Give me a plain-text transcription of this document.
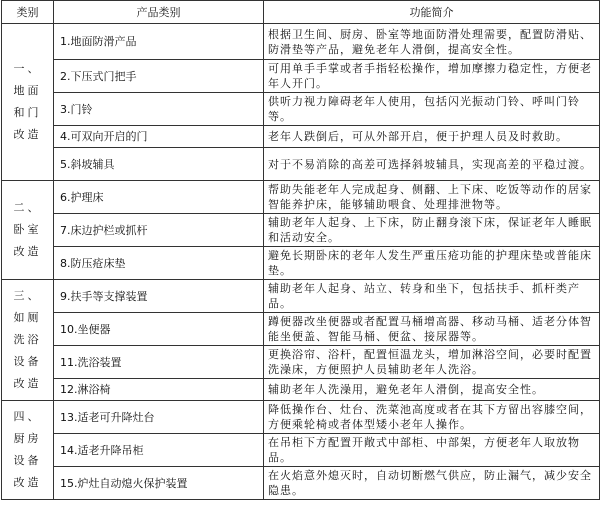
类别	产品类别	功能简介
一、地面和门改造	1.地面防滑产品	根据卫生间、厨房、卧室等地面防滑处理需要，配置防滑贴、防滑垫等产品，避免老年人滑倒，提高安全性。
	2.下压式门把手	可用单手手掌或者手指轻松操作，增加摩擦力稳定性，方便老年人开门。
	3.门铃	供听力视力障碍老年人使用，包括闪光振动门铃、呼叫门铃等。
	4.可双向开启的门	老年人跌倒后，可从外部开启，便于护理人员及时救助。
	5.斜坡辅具	对于不易消除的高差可选择斜坡辅具，实现高差的平稳过渡。
二、卧室改造	6.护理床	帮助失能老年人完成起身、侧翻、上下床、吃饭等动作的居家智能养护床，能够辅助喂食、处理排泄物等。
	7.床边护栏或抓杆	辅助老年人起身、上下床，防止翻身滚下床，保证老年人睡眠和活动安全。
	8.防压疮床垫	避免长期卧床的老年人发生严重压疮功能的护理床垫或普能床垫。
三、如厕洗浴设备改造	9.扶手等支撑装置	辅助老年人起身、站立、转身和坐下，包括扶手、抓杆类产品。
	10.坐便器	蹲便器改坐便器或者配置马桶增高器、移动马桶、适老分体智能坐便盖、智能马桶、便盆、接尿器等。
	11.洗浴装置	更换浴帘、浴杆，配置恒温龙头，增加淋浴空间，必要时配置洗澡床，方便照护人员辅助老年人洗浴。
	12.淋浴椅	辅助老年人洗澡用，避免老年人滑倒，提高安全性。
四、厨房设备改造	13.适老可升降灶台	降低操作台、灶台、洗菜池高度或者在其下方留出容膝空间，方便乘轮椅或者体型矮小老年人操作。
	14.适老升降吊柜	在吊柜下方配置开敞式中部柜、中部架，方便老年人取放物品。
	15.炉灶自动熄火保护装置	在火焰意外熄灭时，自动切断燃气供应，防止漏气，减少安全隐患。
